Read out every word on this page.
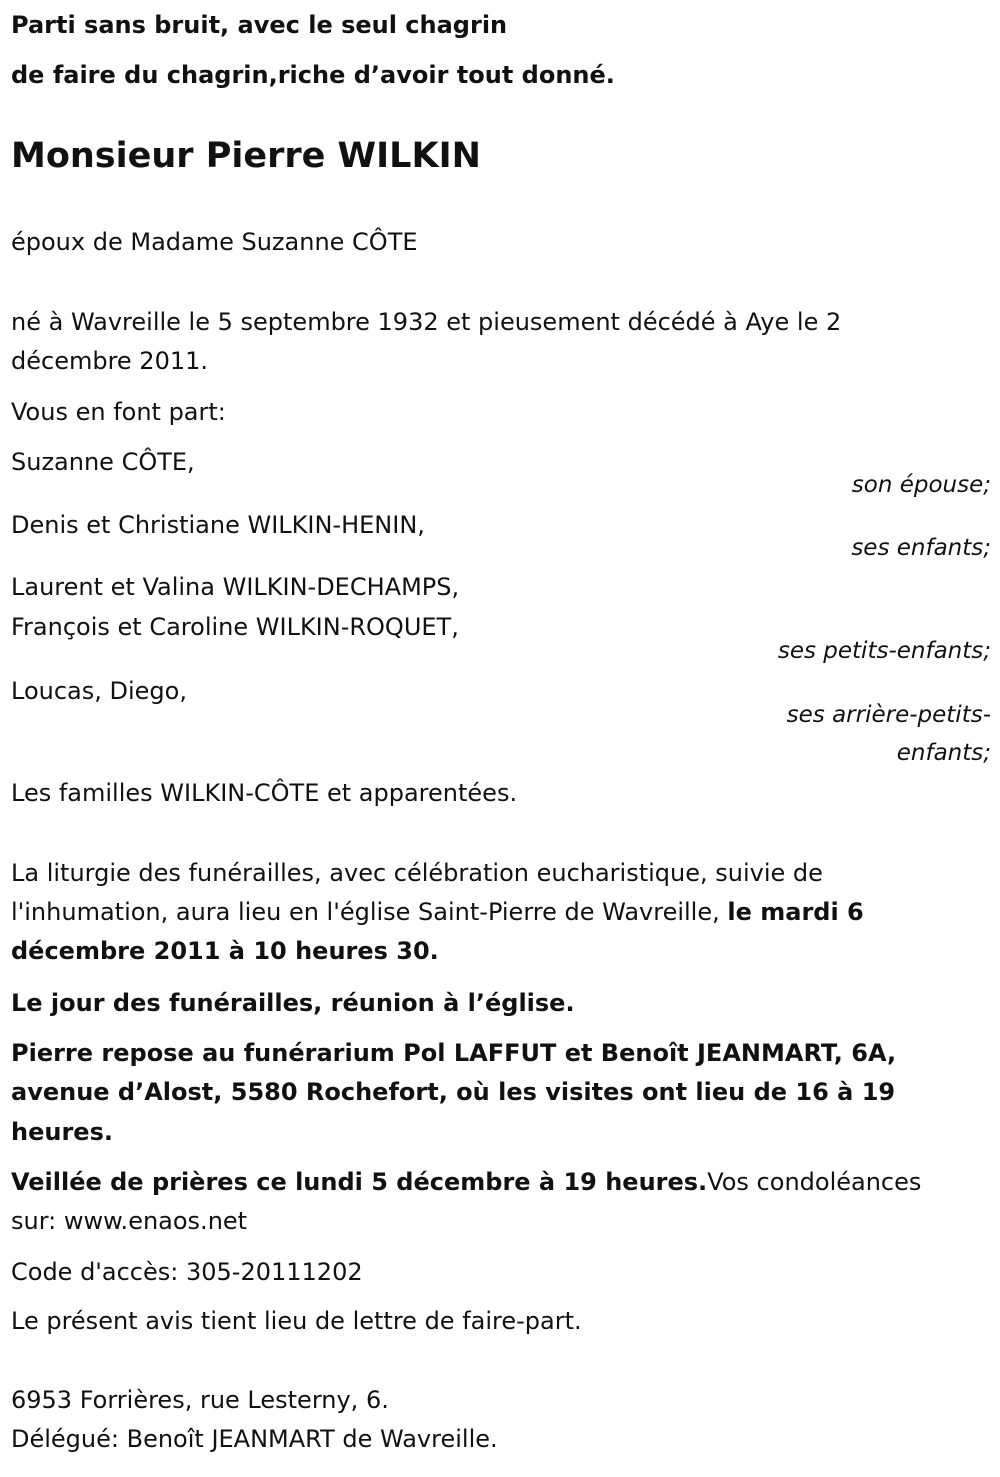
Parti sans bruit, avec le seul chagrin
de faire du chagrin,riche d’avoir tout donné.
Monsieur Pierre WILKIN
époux de Madame Suzanne CÔTE
né à Wavreille le 5 septembre 1932 et pieusement décédé à Aye le 2
décembre 2011.
Vous en font part:
Suzanne CÔTE,
son épouse;
Denis et Christiane WILKIN-HENIN,
ses enfants;
Laurent et Valina WILKIN-DECHAMPS,
François et Caroline WILKIN-ROQUET,
ses petits-enfants;
Loucas, Diego,
ses arrière-petits-
enfants;
Les familles WILKIN-CÔTE et apparentées.
La liturgie des funérailles, avec célébration eucharistique, suivie de
l'inhumation, aura lieu en l'église Saint-Pierre de Wavreille, le mardi 6
décembre 2011 à 10 heures 30.
Le jour des funérailles, réunion à l’église.
Pierre repose au funérarium Pol LAFFUT et Benoît JEANMART, 6A,
avenue d’Alost, 5580 Rochefort, où les visites ont lieu de 16 à 19
heures.
Veillée de prières ce lundi 5 décembre à 19 heures.Vos condoléances
sur: www.enaos.net
Code d'accès: 305-20111202
Le présent avis tient lieu de lettre de faire-part.
6953 Forrières, rue Lesterny, 6.
Délégué: Benoît JEANMART de Wavreille.
